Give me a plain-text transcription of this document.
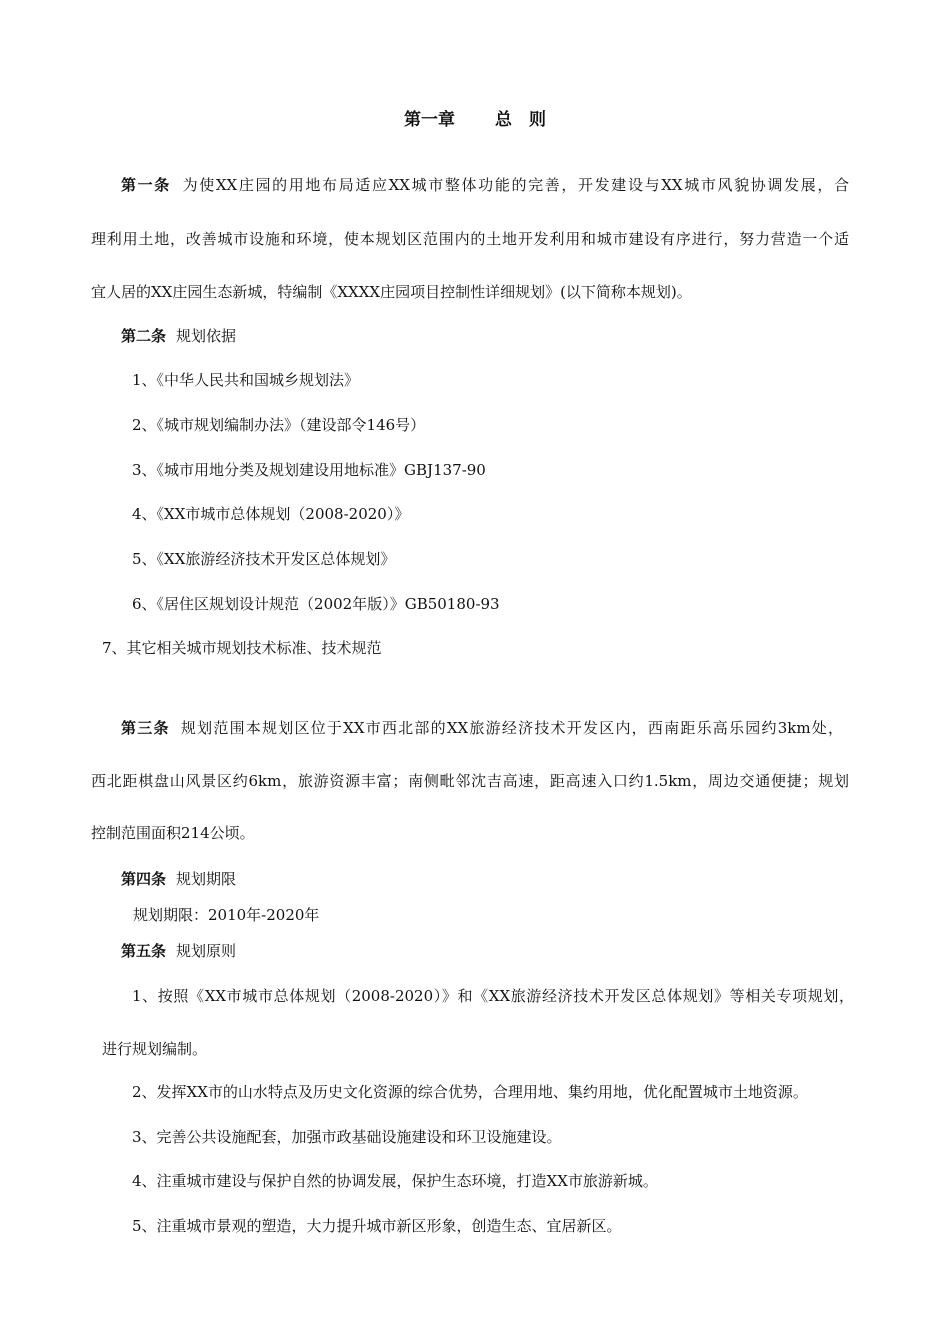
第一章 总　则
第一条 为使XX庄园的用地布局适应XX城市整体功能的完善，开发建设与XX城市风貌协调发展，合
理利用土地，改善城市设施和环境，使本规划区范围内的土地开发利用和城市建设有序进行，努力营造一个适
宜人居的XX庄园生态新城，特编制《XXXX庄园项目控制性详细规划》(以下简称本规划)。
第二条 规划依据
1、《中华人民共和国城乡规划法》
2、《城市规划编制办法》（建设部令146号）
3、《城市用地分类及规划建设用地标准》GBJ137-90
4、《XX市城市总体规划（2008-2020）》
5、《XX旅游经济技术开发区总体规划》
6、《居住区规划设计规范（2002年版）》GB50180-93
7、其它相关城市规划技术标准、技术规范
第三条 规划范围本规划区位于XX市西北部的XX旅游经济技术开发区内，西南距乐高乐园约3km处，
西北距棋盘山风景区约6km，旅游资源丰富；南侧毗邻沈吉高速，距高速入口约1.5km，周边交通便捷；规划
控制范围面积214公顷。
第四条 规划期限
规划期限：2010年-2020年
第五条 规划原则
1、按照《XX市城市总体规划（2008-2020）》和《XX旅游经济技术开发区总体规划》等相关专项规划，
进行规划编制。
2、发挥XX市的山水特点及历史文化资源的综合优势，合理用地、集约用地，优化配置城市土地资源。
3、完善公共设施配套，加强市政基础设施建设和环卫设施建设。
4、注重城市建设与保护自然的协调发展，保护生态环境，打造XX市旅游新城。
5、注重城市景观的塑造，大力提升城市新区形象，创造生态、宜居新区。
